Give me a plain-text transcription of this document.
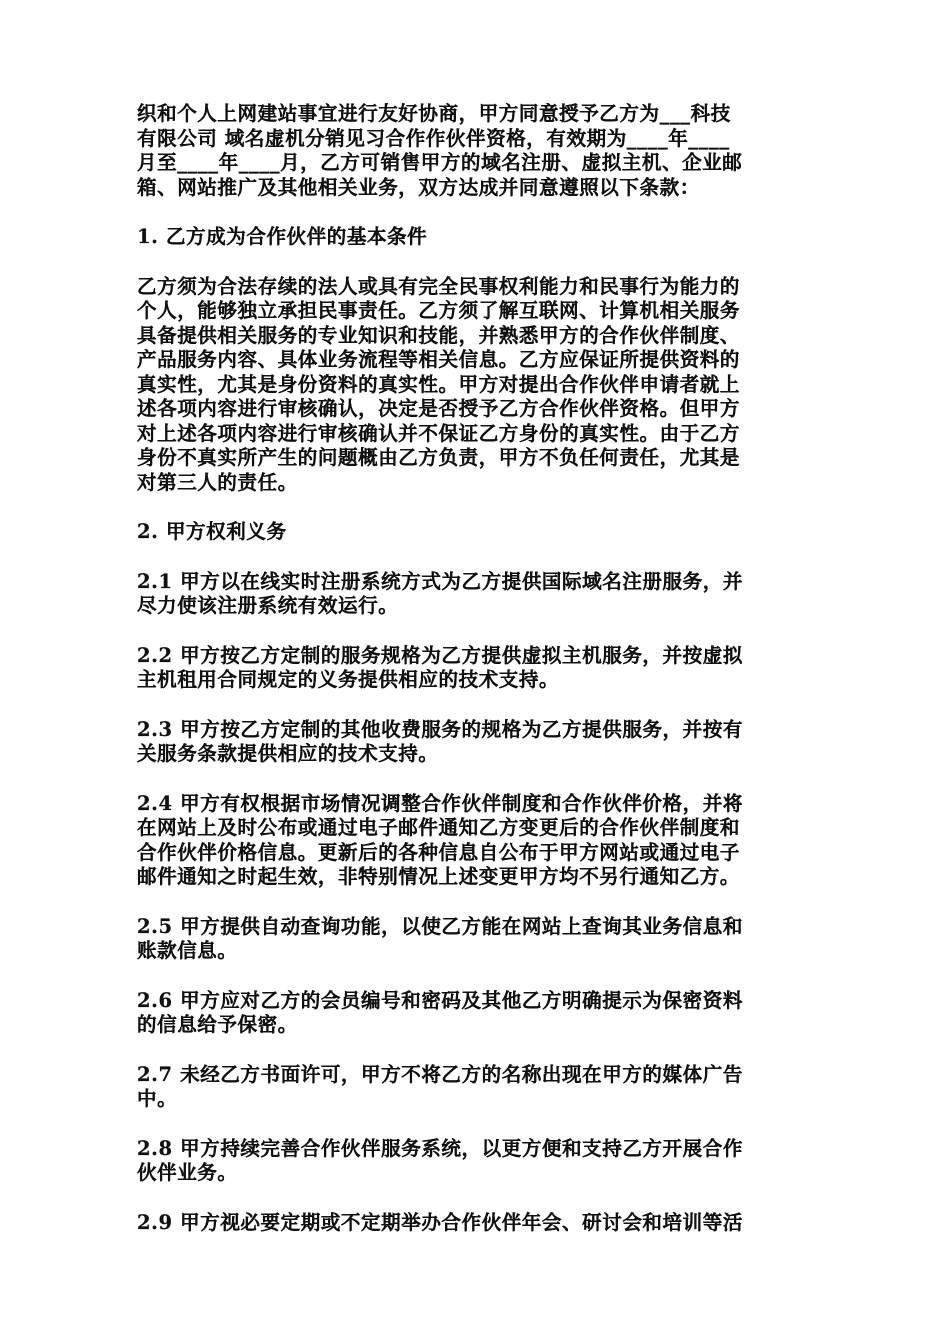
织和个人上网建站事宜进行友好协商，甲方同意授予乙方为___科技
有限公司 域名虚机分销见习合作作伙伴资格，有效期为____年____
月至____年____月，乙方可销售甲方的域名注册、虚拟主机、企业邮
箱、网站推广及其他相关业务，双方达成并同意遵照以下条款：
1. 乙方成为合作伙伴的基本条件
乙方须为合法存续的法人或具有完全民事权利能力和民事行为能力的
个人，能够独立承担民事责任。乙方须了解互联网、计算机相关服务
具备提供相关服务的专业知识和技能，并熟悉甲方的合作伙伴制度、
产品服务内容、具体业务流程等相关信息。乙方应保证所提供资料的
真实性，尤其是身份资料的真实性。甲方对提出合作伙伴申请者就上
述各项内容进行审核确认，决定是否授予乙方合作伙伴资格。但甲方
对上述各项内容进行审核确认并不保证乙方身份的真实性。由于乙方
身份不真实所产生的问题概由乙方负责，甲方不负任何责任，尤其是
对第三人的责任。
2. 甲方权利义务
2.1 甲方以在线实时注册系统方式为乙方提供国际域名注册服务，并
尽力使该注册系统有效运行。
2.2 甲方按乙方定制的服务规格为乙方提供虚拟主机服务，并按虚拟
主机租用合同规定的义务提供相应的技术支持。
2.3 甲方按乙方定制的其他收费服务的规格为乙方提供服务，并按有
关服务条款提供相应的技术支持。
2.4 甲方有权根据市场情况调整合作伙伴制度和合作伙伴价格，并将
在网站上及时公布或通过电子邮件通知乙方变更后的合作伙伴制度和
合作伙伴价格信息。更新后的各种信息自公布于甲方网站或通过电子
邮件通知之时起生效，非特别情况上述变更甲方均不另行通知乙方。
2.5 甲方提供自动查询功能，以使乙方能在网站上查询其业务信息和
账款信息。
2.6 甲方应对乙方的会员编号和密码及其他乙方明确提示为保密资料
的信息给予保密。
2.7 未经乙方书面许可，甲方不将乙方的名称出现在甲方的媒体广告
中。
2.8 甲方持续完善合作伙伴服务系统，以更方便和支持乙方开展合作
伙伴业务。
2.9 甲方视必要定期或不定期举办合作伙伴年会、研讨会和培训等活
